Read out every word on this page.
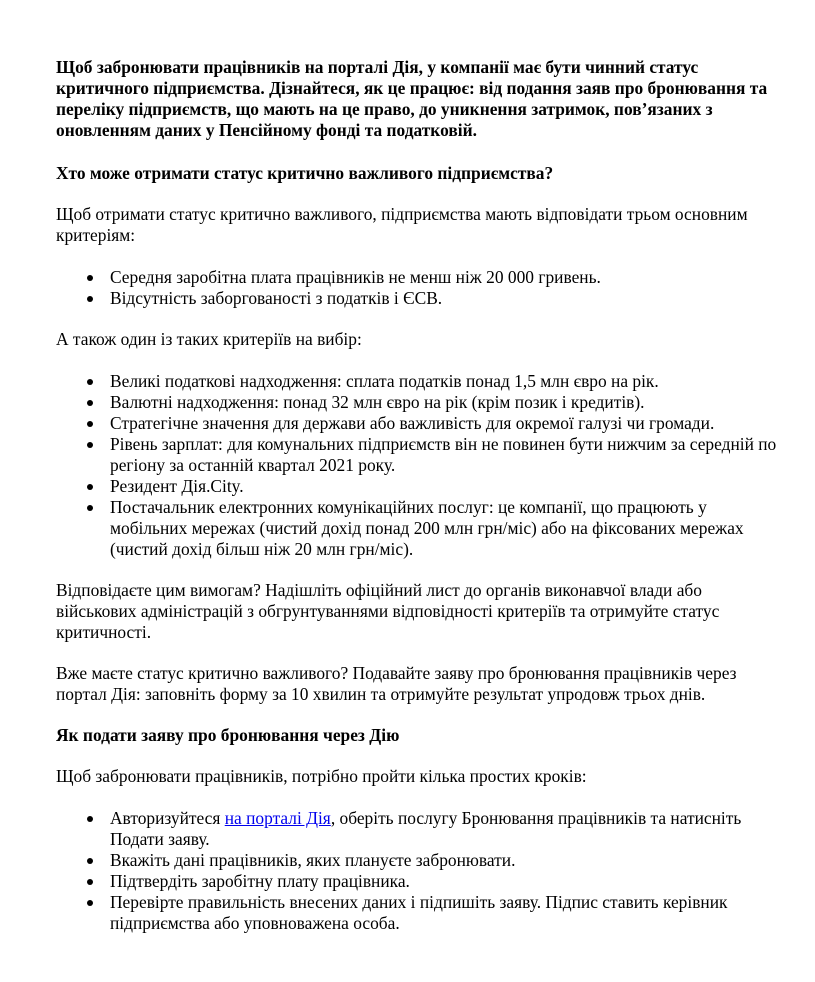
Щоб забронювати працівників на порталі Дія, у компанії має бути чинний статус критичного підприємства. Дізнайтеся, як це працює: від подання заяв про бронювання та переліку підприємств, що мають на це право, до уникнення затримок, пов’язаних з оновленням даних у Пенсійному фонді та податковій.

Хто може отримати статус критично важливого підприємства?

Щоб отримати статус критично важливого, підприємства мають відповідати трьом основним критеріям:

Середня заробітна плата працівників не менш ніж 20 000 гривень.
Відсутність заборгованості з податків і ЄСВ.

А також один із таких критеріїв на вибір:

Великі податкові надходження: сплата податків понад 1,5 млн євро на рік.
Валютні надходження: понад 32 млн євро на рік (крім позик і кредитів).
Стратегічне значення для держави або важливість для окремої галузі чи громади.
Рівень зарплат: для комунальних підприємств він не повинен бути нижчим за середній по регіону за останній квартал 2021 року.
Резидент Дія.City.
Постачальник електронних комунікаційних послуг: це компанії, що працюють у мобільних мережах (чистий дохід понад 200 млн грн/міс) або на фіксованих мережах (чистий дохід більш ніж 20 млн грн/міс).

Відповідаєте цим вимогам? Надішліть офіційний лист до органів виконавчої влади або військових адміністрацій з обгрунтуваннями відповідності критеріїв та отримуйте статус критичності.

Вже маєте статус критично важливого? Подавайте заяву про бронювання працівників через портал Дія: заповніть форму за 10 хвилин та отримуйте результат упродовж трьох днів.

Як подати заяву про бронювання через Дію

Щоб забронювати працівників, потрібно пройти кілька простих кроків:

Авторизуйтеся на порталі Дія, оберіть послугу Бронювання працівників та натисніть Подати заяву.
Вкажіть дані працівників, яких плануєте забронювати.
Підтвердіть заробітну плату працівника.
Перевірте правильність внесених даних і підпишіть заяву. Підпис ставить керівник підприємства або уповноважена особа.
